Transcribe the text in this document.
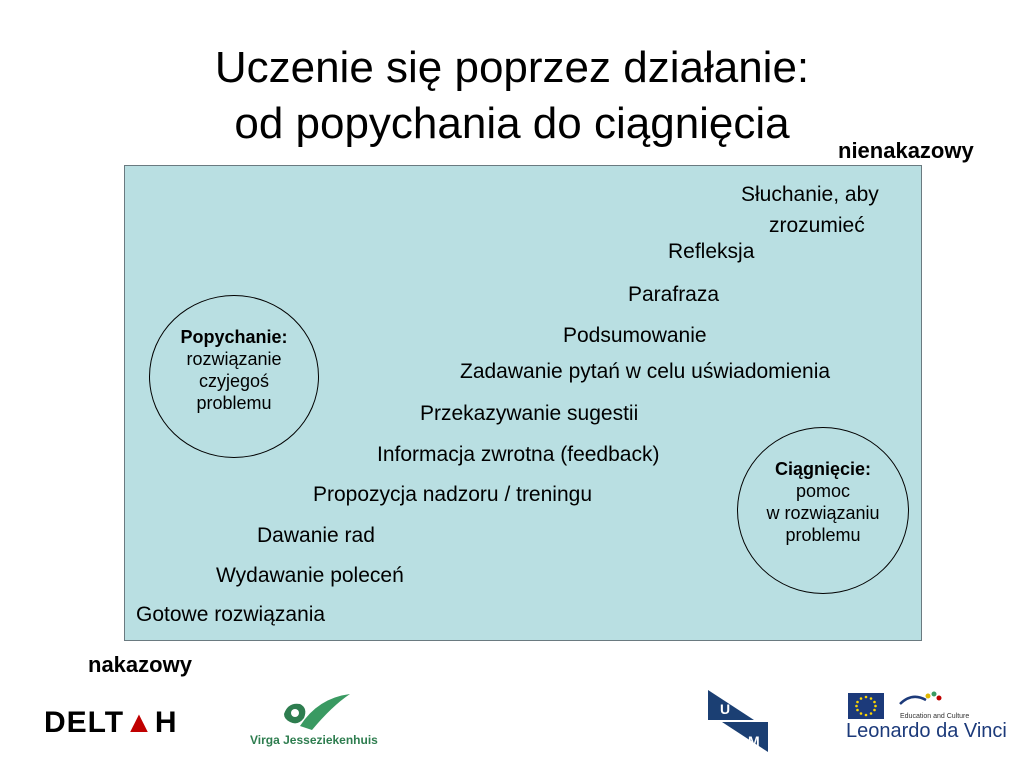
Uczenie się poprzez działanie:
od popychania do ciągnięcia
nienakazowy
Słuchanie, aby
zrozumieć
Refleksja
Parafraza
Podsumowanie
Zadawanie pytań w celu uświadomienia
Przekazywanie sugestii
Informacja zwrotna (feedback)
Propozycja nadzoru / treningu
Dawanie rad
Wydawanie poleceń
Gotowe rozwiązania
Popychanie:
rozwiązanie
czyjegoś
problemu
Ciągnięcie:
pomoc
w rozwiązaniu
problemu
nakazowy
DELT▲H
Virga Jesseziekenhuis
U
M
Education and Culture
Leonardo da Vinci
